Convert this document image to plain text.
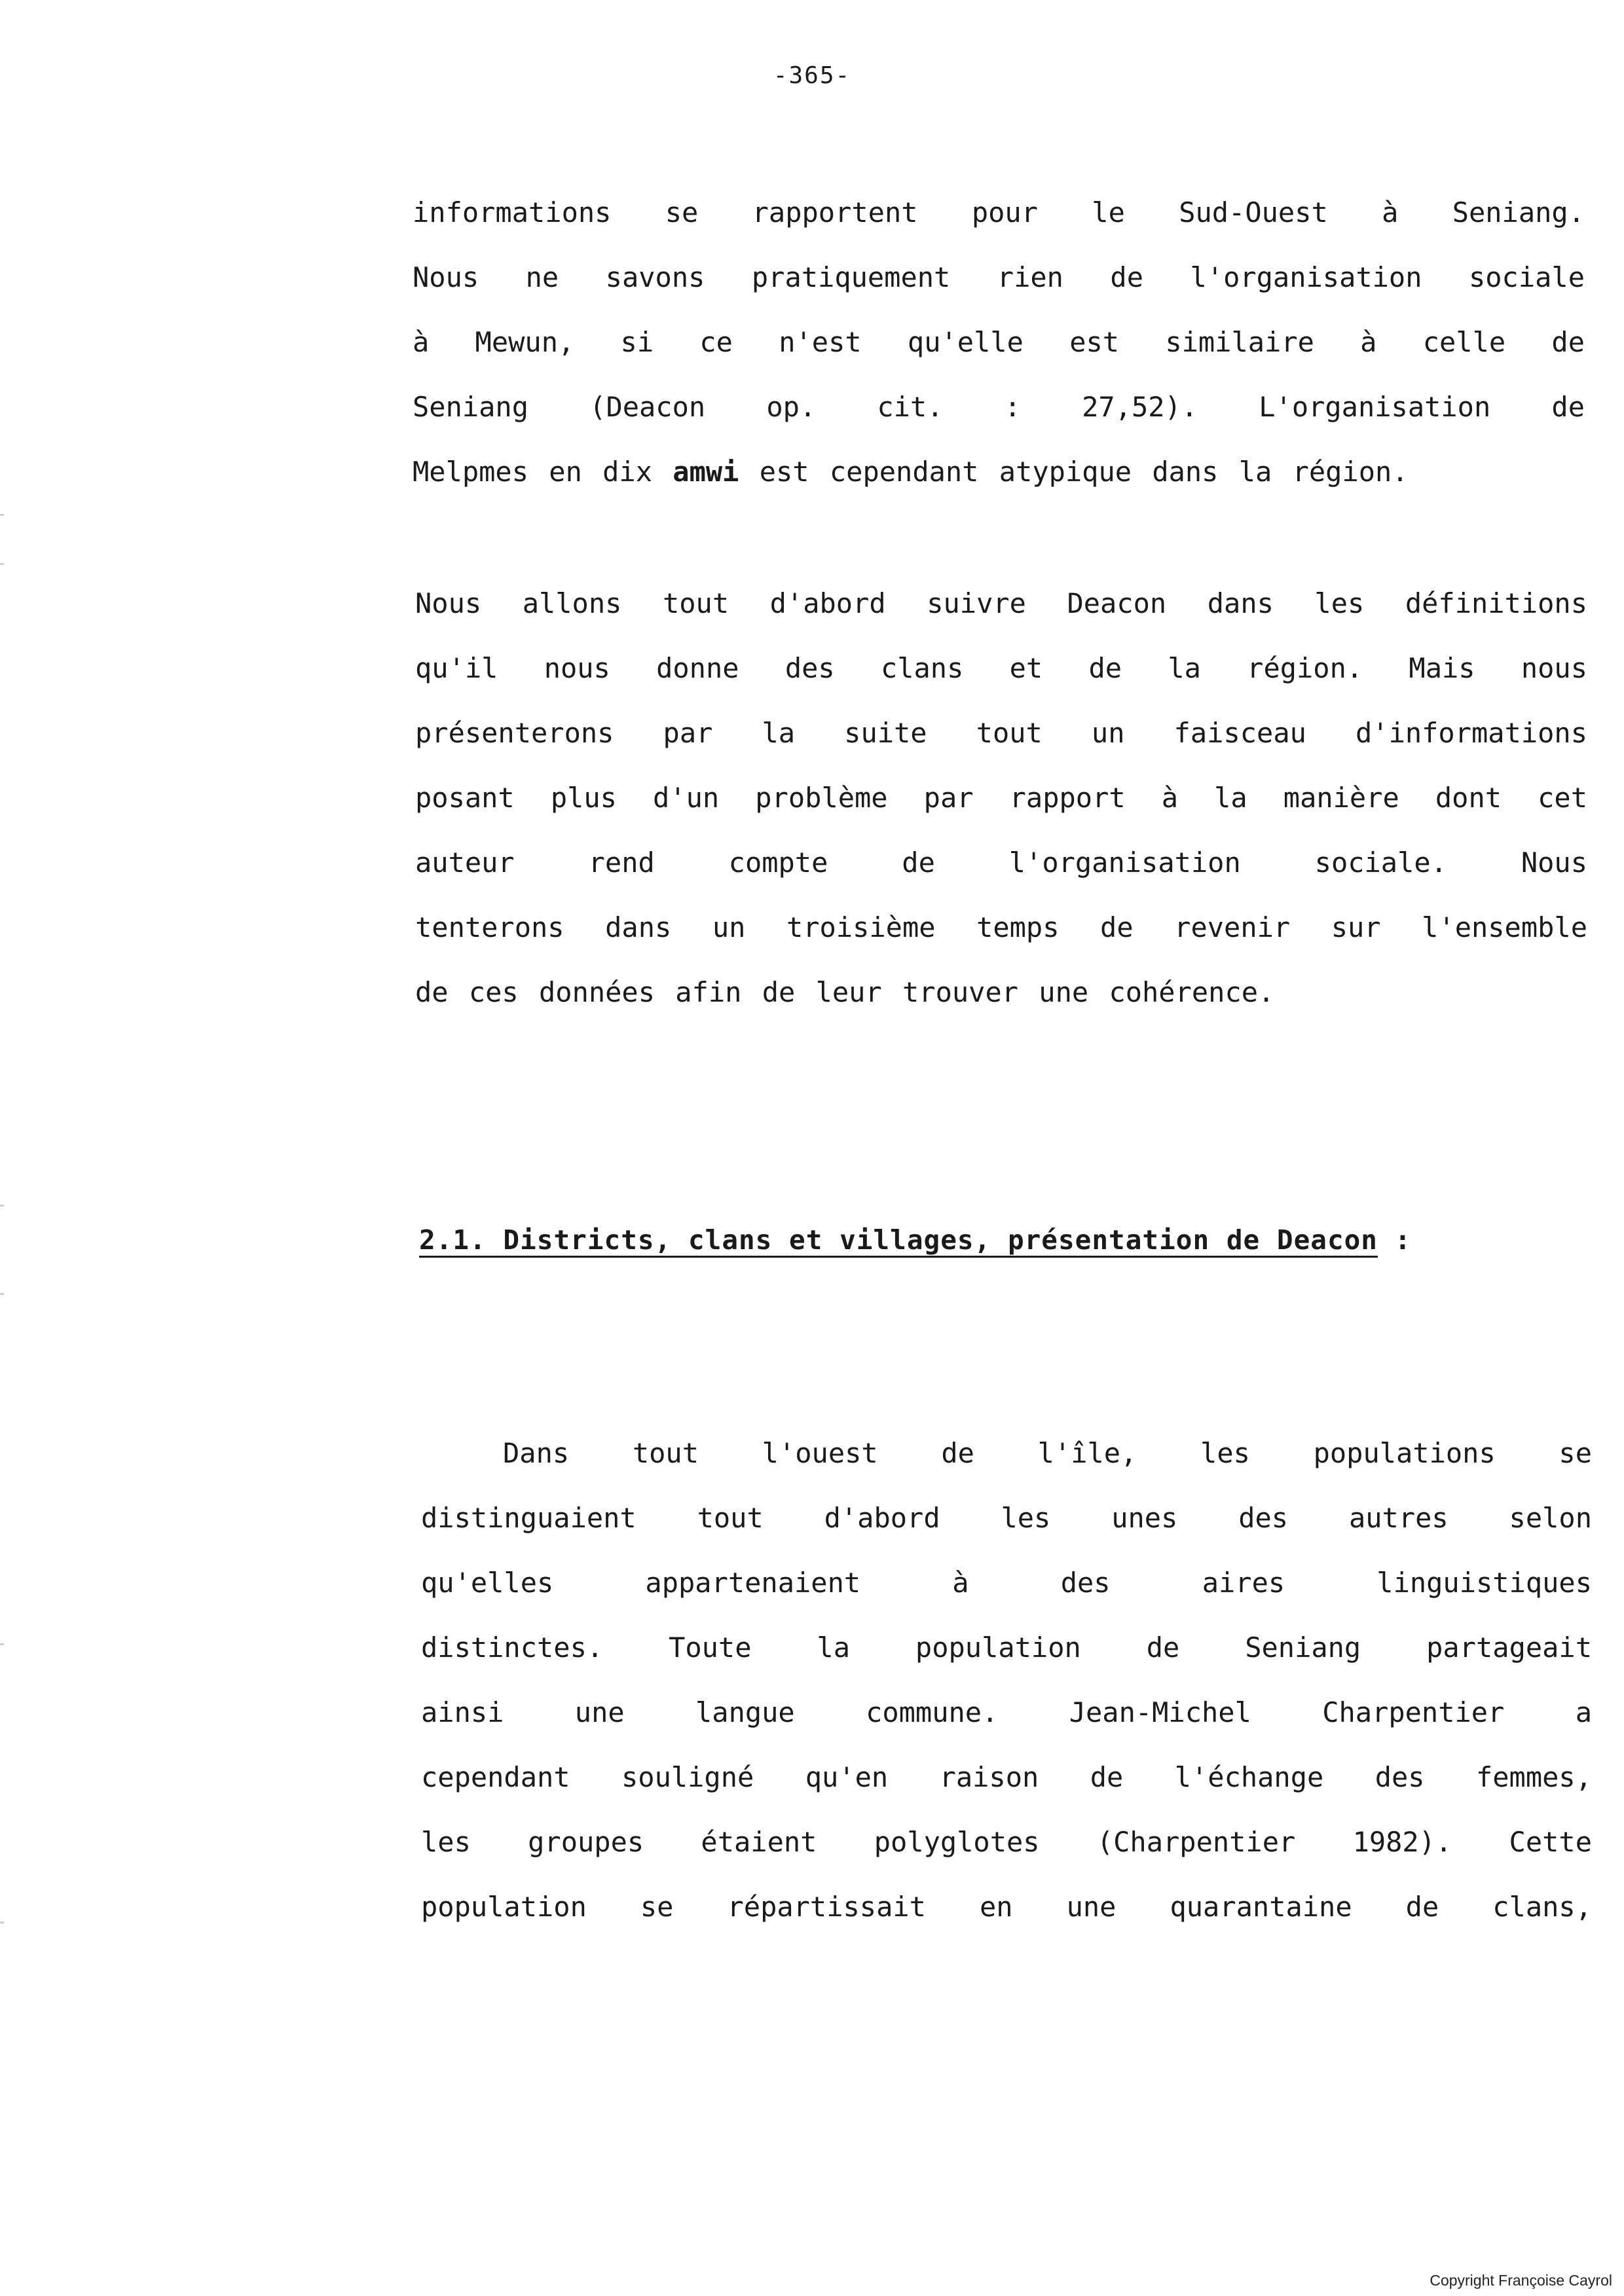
-365-
informations se rapportent pour le Sud-Ouest à Seniang.
Nous ne savons pratiquement rien de l'organisation sociale
à Mewun, si ce n'est qu'elle est similaire à celle de
Seniang (Deacon op. cit. : 27,52). L'organisation de
Melpmes en dix amwi est cependant atypique dans la région.
Nous allons tout d'abord suivre Deacon dans les définitions
qu'il nous donne des clans et de la région. Mais nous
présenterons par la suite tout un faisceau d'informations
posant plus d'un problème par rapport à la manière dont cet
auteur rend compte de l'organisation sociale. Nous
tenterons dans un troisième temps de revenir sur l'ensemble
de ces données afin de leur trouver une cohérence.
2.1. Districts, clans et villages, présentation de Deacon :
Dans tout l'ouest de l'île, les populations se
distinguaient tout d'abord les unes des autres selon
qu'elles appartenaient à des aires linguistiques
distinctes. Toute la population de Seniang partageait
ainsi une langue commune. Jean-Michel Charpentier a
cependant souligné qu'en raison de l'échange des femmes,
les groupes étaient polyglotes (Charpentier 1982). Cette
population se répartissait en une quarantaine de clans,
Copyright Françoise Cayrol
